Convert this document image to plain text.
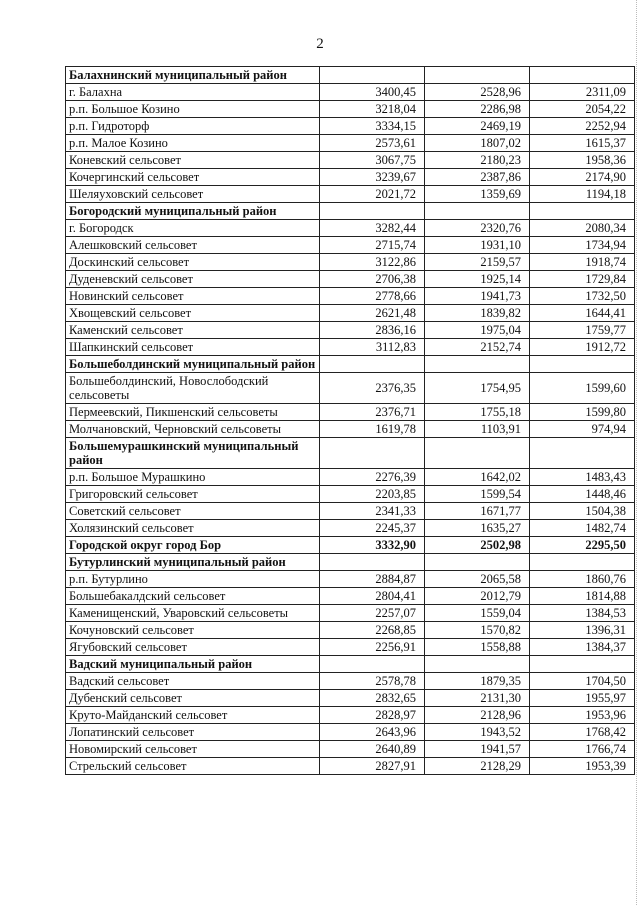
2
Балахнинский муниципальный район			
г. Балахна	3400,45	2528,96	2311,09
р.п. Большое Козино	3218,04	2286,98	2054,22
р.п. Гидроторф	3334,15	2469,19	2252,94
р.п. Малое Козино	2573,61	1807,02	1615,37
Коневский сельсовет	3067,75	2180,23	1958,36
Кочергинский сельсовет	3239,67	2387,86	2174,90
Шеляуховский сельсовет	2021,72	1359,69	1194,18
Богородский муниципальный район			
г. Богородск	3282,44	2320,76	2080,34
Алешковский сельсовет	2715,74	1931,10	1734,94
Доскинский сельсовет	3122,86	2159,57	1918,74
Дуденевский сельсовет	2706,38	1925,14	1729,84
Новинский сельсовет	2778,66	1941,73	1732,50
Хвощевский сельсовет	2621,48	1839,82	1644,41
Каменский сельсовет	2836,16	1975,04	1759,77
Шапкинский сельсовет	3112,83	2152,74	1912,72
Большеболдинский муниципальный район			
Большеболдинский, Новослободский сельсоветы	2376,35	1754,95	1599,60
Пермеевский, Пикшенский сельсоветы	2376,71	1755,18	1599,80
Молчановский, Черновский сельсоветы	1619,78	1103,91	974,94
Большемурашкинский муниципальный район			
р.п. Большое Мурашкино	2276,39	1642,02	1483,43
Григоровский сельсовет	2203,85	1599,54	1448,46
Советский сельсовет	2341,33	1671,77	1504,38
Холязинский сельсовет	2245,37	1635,27	1482,74
Городской округ город Бор	3332,90	2502,98	2295,50
Бутурлинский муниципальный район			
р.п. Бутурлино	2884,87	2065,58	1860,76
Большебакалдский сельсовет	2804,41	2012,79	1814,88
Каменищенский, Уваровский сельсоветы	2257,07	1559,04	1384,53
Кочуновский сельсовет	2268,85	1570,82	1396,31
Ягубовский сельсовет	2256,91	1558,88	1384,37
Вадский муниципальный район			
Вадский сельсовет	2578,78	1879,35	1704,50
Дубенский сельсовет	2832,65	2131,30	1955,97
Круто-Майданский сельсовет	2828,97	2128,96	1953,96
Лопатинский сельсовет	2643,96	1943,52	1768,42
Новомирский сельсовет	2640,89	1941,57	1766,74
Стрельский сельсовет	2827,91	2128,29	1953,39
